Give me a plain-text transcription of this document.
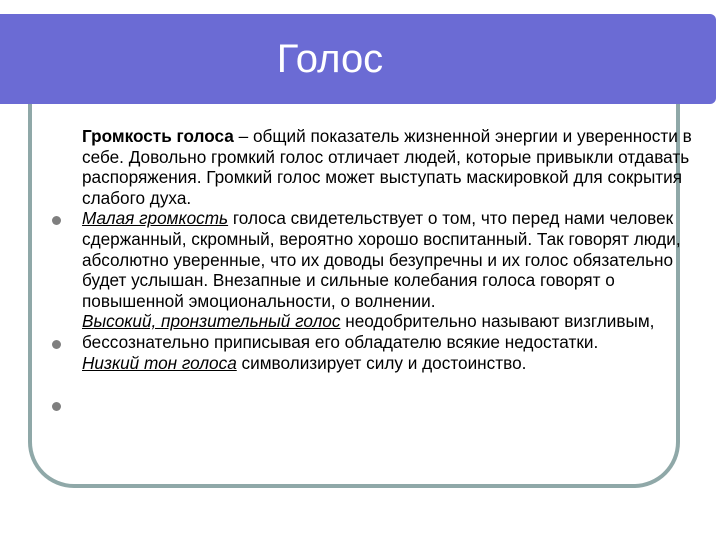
Голос

Громкость голоса – общий показатель жизненной энергии и уверенности в себе. Довольно громкий голос отличает людей, которые привыкли отдавать распоряжения. Громкий голос может выступать маскировкой для сокрытия слабого духа.

Малая громкость голоса свидетельствует о том, что перед нами человек сдержанный, скромный, вероятно хорошо воспитанный. Так говорят люди, абсолютно уверенные, что их доводы безупречны и их голос обязательно будет услышан. Внезапные и сильные колебания голоса говорят о повышенной эмоциональности, о волнении.

Высокий, пронзительный голос неодобрительно называют визгливым, бессознательно приписывая его обладателю всякие недостатки.

Низкий тон голоса символизирует силу и достоинство.
